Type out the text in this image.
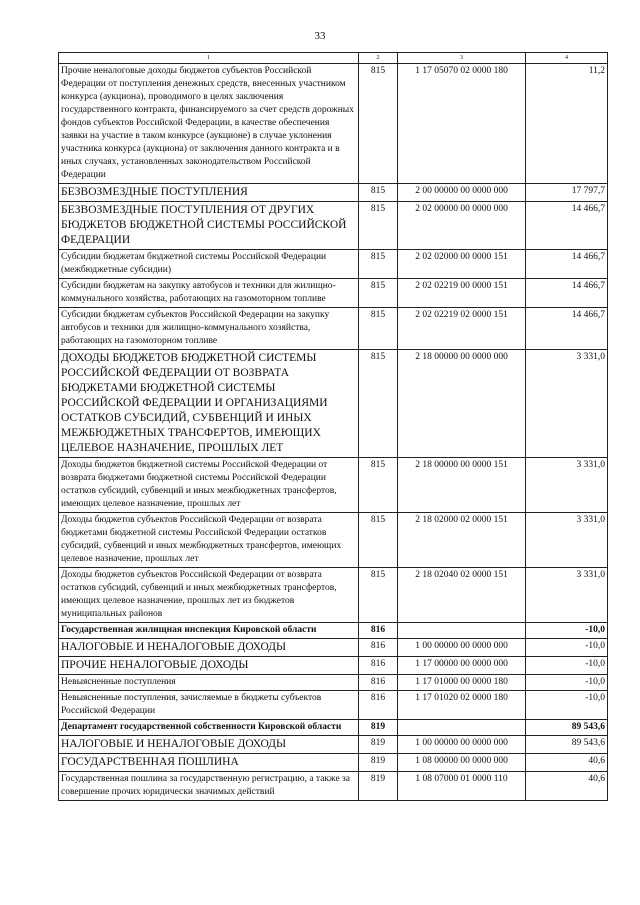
33
1	2	3	4
Прочие неналоговые доходы бюджетов субъектов Российской Федерации от поступления денежных средств, внесенных участником конкурса (аукциона), проводимого в целях заключения государственного контракта, финансируемого за счет средств дорожных фондов субъектов Российской Федерации, в качестве обеспечения заявки на участие в таком конкурсе (аукционе) в случае уклонения участника конкурса (аукциона) от заключения данного контракта и в иных случаях, установленных законодательством Российской Федерации	815	1 17 05070 02 0000 180	11,2
БЕЗВОЗМЕЗДНЫЕ ПОСТУПЛЕНИЯ	815	2 00 00000 00 0000 000	17 797,7
БЕЗВОЗМЕЗДНЫЕ ПОСТУПЛЕНИЯ ОТ ДРУГИХ БЮДЖЕТОВ БЮДЖЕТНОЙ СИСТЕМЫ РОССИЙСКОЙ ФЕДЕРАЦИИ	815	2 02 00000 00 0000 000	14 466,7
Субсидии бюджетам бюджетной системы Российской Федерации (межбюджетные субсидии)	815	2 02 02000 00 0000 151	14 466,7
Субсидии бюджетам на закупку автобусов и техники для жилищно-коммунального хозяйства, работающих на газомоторном топливе	815	2 02 02219 00 0000 151	14 466,7
Субсидии бюджетам субъектов Российской Федерации на закупку автобусов и техники для жилищно-коммунального хозяйства, работающих на газомоторном топливе	815	2 02 02219 02 0000 151	14 466,7
ДОХОДЫ БЮДЖЕТОВ БЮДЖЕТНОЙ СИСТЕМЫ РОССИЙСКОЙ ФЕДЕРАЦИИ ОТ ВОЗВРАТА БЮДЖЕТАМИ БЮДЖЕТНОЙ СИСТЕМЫ РОССИЙСКОЙ ФЕДЕРАЦИИ И ОРГАНИЗАЦИЯМИ ОСТАТКОВ СУБСИДИЙ, СУБВЕНЦИЙ И ИНЫХ МЕЖБЮДЖЕТНЫХ ТРАНСФЕРТОВ, ИМЕЮЩИХ ЦЕЛЕВОЕ НАЗНАЧЕНИЕ, ПРОШЛЫХ ЛЕТ	815	2 18 00000 00 0000 000	3 331,0
Доходы бюджетов бюджетной системы Российской Федерации от возврата бюджетами бюджетной системы Российской Федерации остатков субсидий, субвенций и иных межбюджетных трансфертов, имеющих целевое назначение, прошлых лет	815	2 18 00000 00 0000 151	3 331,0
Доходы бюджетов субъектов Российской Федерации от возврата бюджетами бюджетной системы Российской Федерации остатков субсидий, субвенций и иных межбюджетных трансфертов, имеющих целевое назначение, прошлых лет	815	2 18 02000 02 0000 151	3 331,0
Доходы бюджетов субъектов Российской Федерации от возврата остатков субсидий, субвенций и иных межбюджетных трансфертов, имеющих целевое назначение, прошлых лет из бюджетов муниципальных районов	815	2 18 02040 02 0000 151	3 331,0
Государственная жилищная инспекция Кировской области	816		-10,0
НАЛОГОВЫЕ И НЕНАЛОГОВЫЕ ДОХОДЫ	816	1 00 00000 00 0000 000	-10,0
ПРОЧИЕ НЕНАЛОГОВЫЕ ДОХОДЫ	816	1 17 00000 00 0000 000	-10,0
Невыясненные поступления	816	1 17 01000 00 0000 180	-10,0
Невыясненные поступления, зачисляемые в бюджеты субъектов Российской Федерации	816	1 17 01020 02 0000 180	-10,0
Департамент государственной собственности Кировской области	819		89 543,6
НАЛОГОВЫЕ И НЕНАЛОГОВЫЕ ДОХОДЫ	819	1 00 00000 00 0000 000	89 543,6
ГОСУДАРСТВЕННАЯ ПОШЛИНА	819	1 08 00000 00 0000 000	40,6
Государственная пошлина за государственную регистрацию, а также за совершение прочих юридически значимых действий	819	1 08 07000 01 0000 110	40,6
